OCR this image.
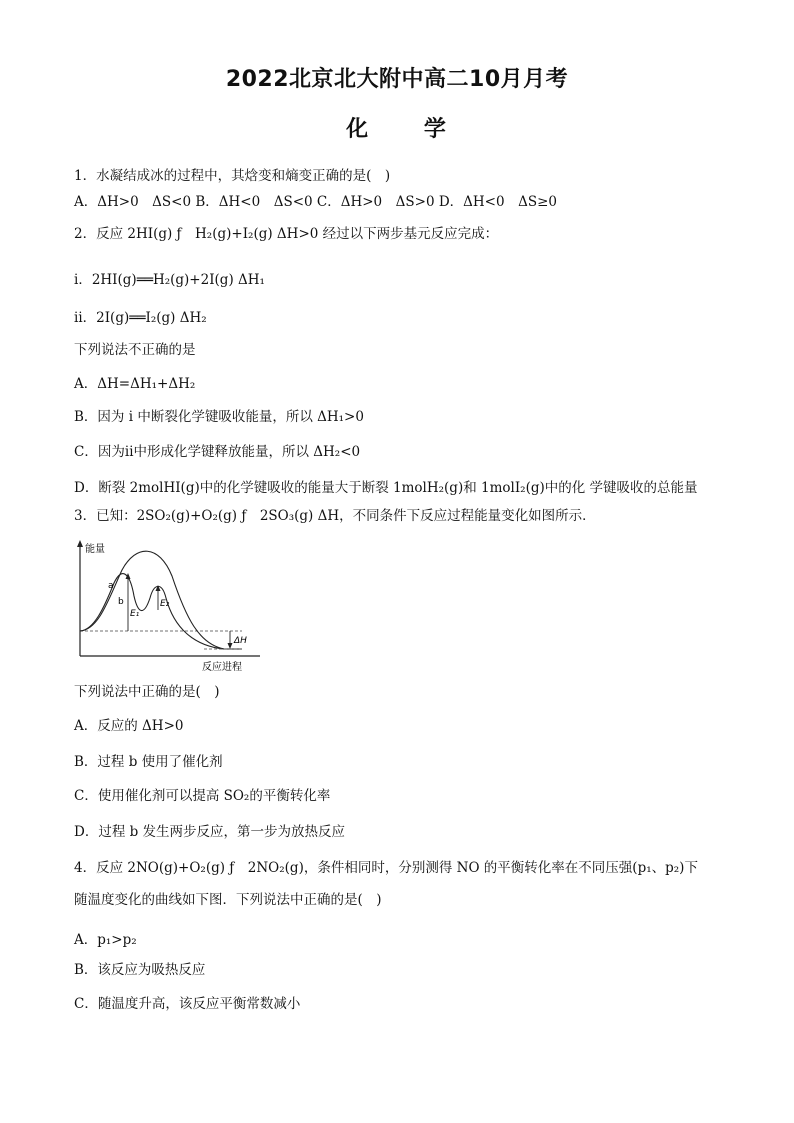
2022北京北大附中高二10月月考
化 学
1．水凝结成冰的过程中，其焓变和熵变正确的是(　)
A．ΔH>0　ΔS<0 B．ΔH<0　ΔS<0 C．ΔH>0　ΔS>0 D．ΔH<0　ΔS≥0
2．反应 2HI(g) ƒ　H₂(g)+I₂(g) ΔH>0 经过以下两步基元反应完成：
i．2HI(g)══H₂(g)+2I(g) ΔH₁
ⅱ．2I(g)══I₂(g) ΔH₂
下列说法不正确的是
A．ΔH=ΔH₁+ΔH₂
B．因为 i 中断裂化学键吸收能量，所以 ΔH₁>0
C．因为ⅱ中形成化学键释放能量，所以 ΔH₂<0
D．断裂 2molHI(g)中的化学键吸收的能量大于断裂 1molH₂(g)和 1molI₂(g)中的化 学键吸收的总能量
3．已知：2SO₂(g)+O₂(g) ƒ　2SO₃(g) ΔH，不同条件下反应过程能量变化如图所示．
能量
反应进程
a
b
E₁
E₂
ΔH
下列说法中正确的是(　)
A．反应的 ΔH>0
B．过程 b 使用了催化剂
C．使用催化剂可以提高 SO₂的平衡转化率
D．过程 b 发生两步反应，第一步为放热反应
4．反应 2NO(g)+O₂(g) ƒ　2NO₂(g)，条件相同时，分别测得 NO 的平衡转化率在不同压强(p₁、p₂)下
随温度变化的曲线如下图．下列说法中正确的是(　)
A．p₁>p₂
B．该反应为吸热反应
C．随温度升高，该反应平衡常数减小
